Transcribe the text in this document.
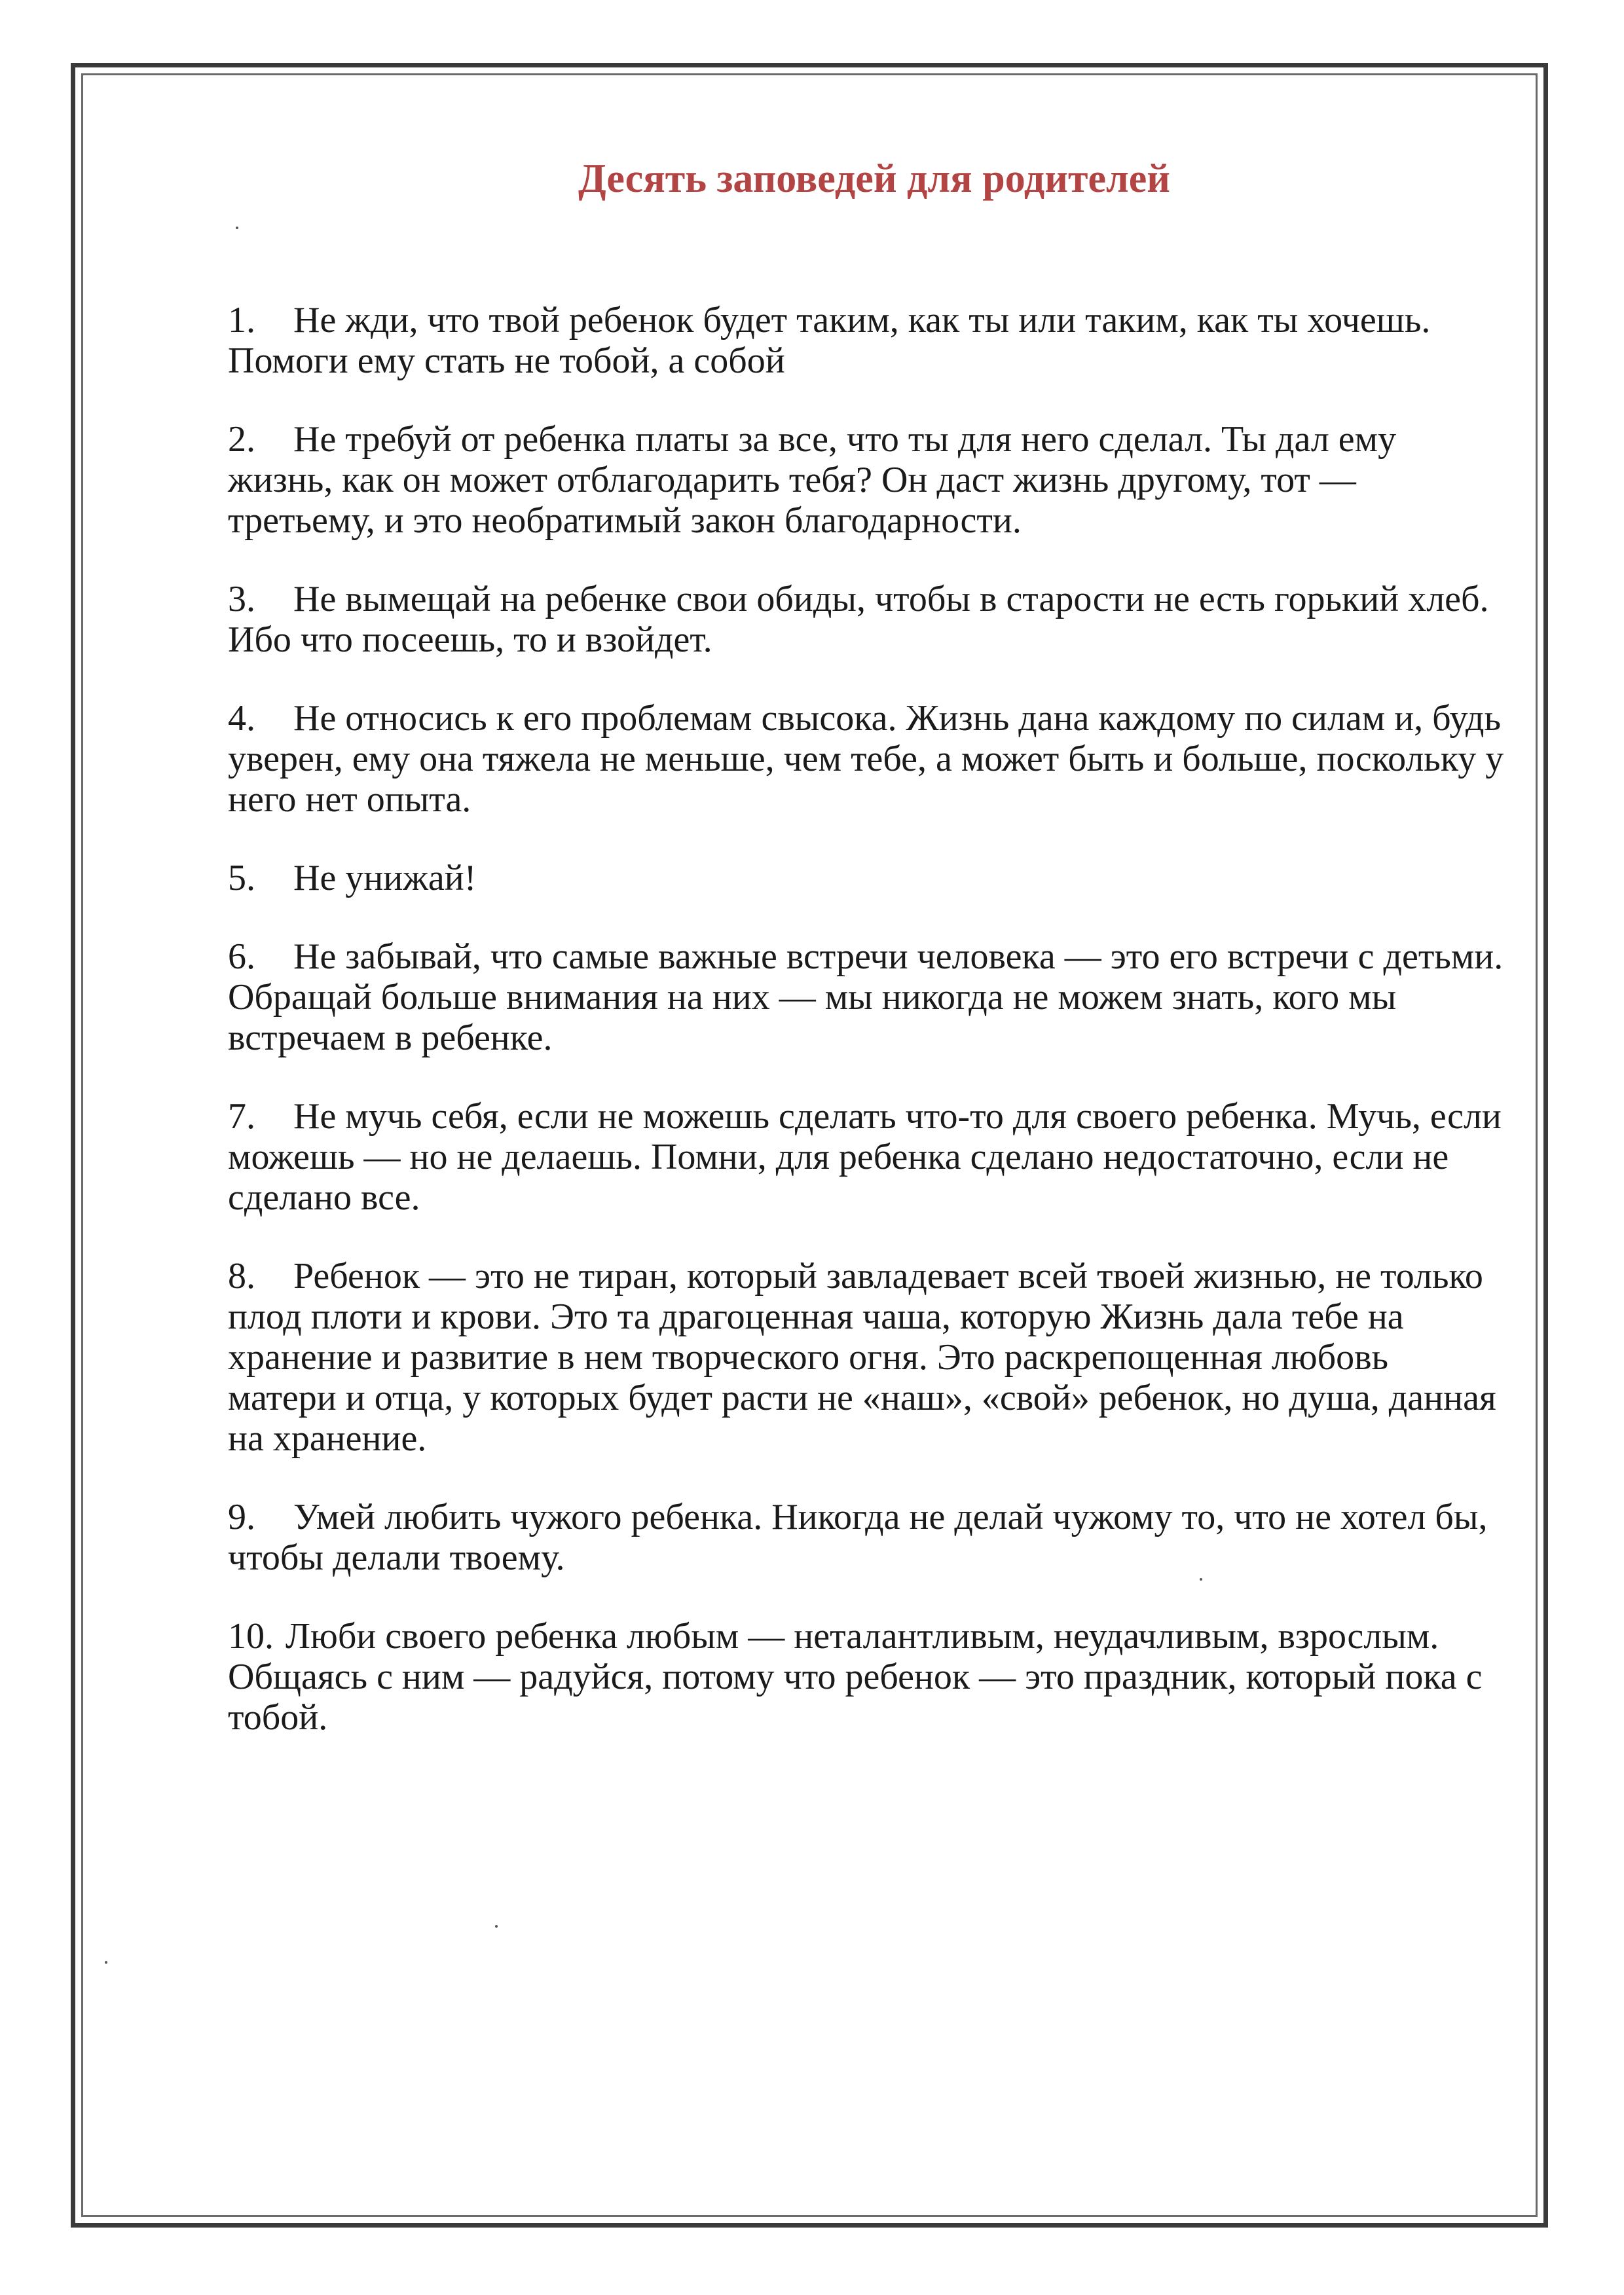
Десять заповедей для родителей

1. Не жди, что твой ребенок будет таким, как ты или таким, как ты хочешь. Помоги ему стать не тобой, а собой

2. Не требуй от ребенка платы за все, что ты для него сделал. Ты дал ему жизнь, как он может отблагодарить тебя? Он даст жизнь другому, тот — третьему, и это необратимый закон благодарности.

3. Не вымещай на ребенке свои обиды, чтобы в старости не есть горький хлеб. Ибо что посеешь, то и взойдет.

4. Не относись к его проблемам свысока. Жизнь дана каждому по силам и, будь уверен, ему она тяжела не меньше, чем тебе, а может быть и больше, поскольку у него нет опыта.

5. Не унижай!

6. Не забывай, что самые важные встречи человека — это его встречи с детьми. Обращай больше внимания на них — мы никогда не можем знать, кого мы встречаем в ребенке.

7. Не мучь себя, если не можешь сделать что-то для своего ребенка. Мучь, если можешь — но не делаешь. Помни, для ребенка сделано недостаточно, если не сделано все.

8. Ребенок — это не тиран, который завладевает всей твоей жизнью, не только плод плоти и крови. Это та драгоценная чаша, которую Жизнь дала тебе на хранение и развитие в нем творческого огня. Это раскрепощенная любовь матери и отца, у которых будет расти не «наш», «свой» ребенок, но душа, данная на хранение.

9. Умей любить чужого ребенка. Никогда не делай чужому то, что не хотел бы, чтобы делали твоему.

10. Люби своего ребенка любым — неталантливым, неудачливым, взрослым. Общаясь с ним — радуйся, потому что ребенок — это праздник, который пока с тобой.
